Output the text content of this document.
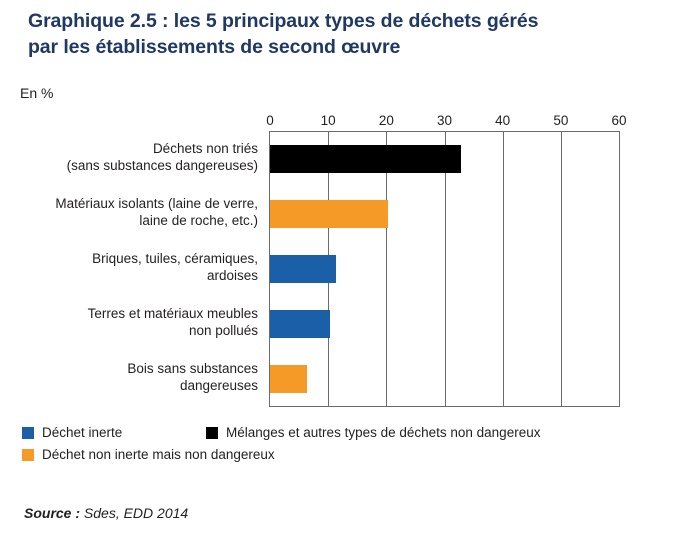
Graphique 2.5 : les 5 principaux types de déchets gérés
par les établissements de second œuvre
En %
0	10	20	30	40	50	60
Déchets non triés
(sans substances dangereuses)
Matériaux isolants (laine de verre,
laine de roche, etc.)
Briques, tuiles, céramiques,
ardoises
Terres et matériaux meubles
non pollués
Bois sans substances
dangereuses
Déchet inerte	Mélanges et autres types de déchets non dangereux
Déchet non inerte mais non dangereux
Source : Sdes, EDD 2014
